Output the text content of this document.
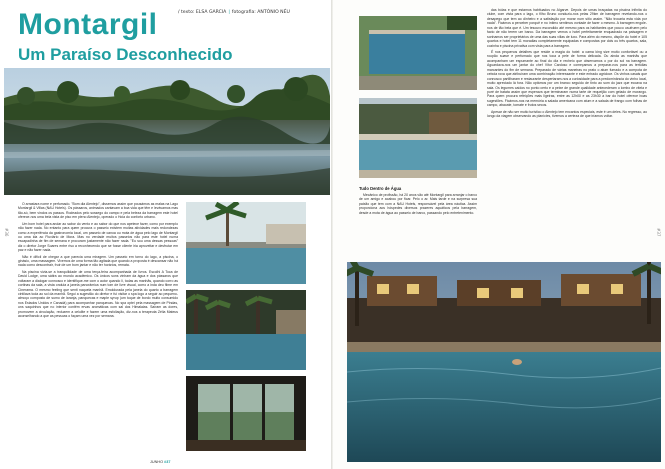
Montargil
Um Paraíso Desconhecido
/ texto: ELSA GARCIA | fotografia: ANTÓNIO NÉU

O arrastara nome e perfumado. "Bom dia Alentejo", dissemos assim que pousámos as malas na Lago Montargil & Villas (NAU Hotels). Os pássaros, animados cantavam a boa vida que têm e levávamos mas tão-só, bem vindos os passos. Rodeados pelo sossego do campo e pela beleza da barragem este hotel oferece-nos uma bela vista de piso em pleno Alentejo, operado o Hoia do conforto urbano.

Um bom hotel para andar ao sabor do vento e ao sabor do que nos apetece fazer, como por exemplo não fazer nada. No entanto para quem procura o passeio existem muitas atividades mais redondezas como a experiência da gastronomia local, um passeio de canoa ou mota de água pelo lago de Montargil ou uma ida ao Fluviário de Mora. Mas no verdade muitos passeios não para este hotel numa escapadinha de fim de semana e procuram justamente não fazer nada. "Eu sou uma dessas pessoas" diz o diretor Jorge Soares entre riso a reconhecendo que se fosse cliente iria aproveitar e desfrutar em paz e não fazer nada.

Não é difícil de chegar a que parecia uma miragem. Um passeio em torno do lago, a piscina, o ginásio, uma massagem. Vivemos de uma forma tão agitada que quando a proposta é descansar não há nada como descontrair, fruir de um bom jantar e não ter horários, remata.

Na piscina vivia-se a tranquilidade de uma terça-feira acompanhada de livros. Escolhi A Toca de David Lodge, uma sátira ao mundo académico. Os únicos sons vinham da água e dos pássaros que voltaram a dialogar connosco e identifique-me com o autor quando li, todas as manhãs, quando corro as cortinas da sala, a vista ondula a janela panorâmica num tom de livre visual, como a inda deu filme em Cinerama. O mesmo feeling que senti naquela manhã. Emoldurada pela janela do quarto a barragem cintilava toda ao sol da manhã. Segui a sugestão do diretor e fui visitar o spa logo a seguir ao pequeno-almoço composto de sumo de laranja, panquecas e maple syrup (um toque de bordo muito consumido nos Estados Unidos e Canadá) para acompanhar panquecas. No spa optei pela massagem de Pindas, uns saquinhos que no interior contêm ervas aromáticas com sal dos Himalaias. Saíram as dores, promovem a circulação, reduzem a celulite e fazem uma esfoliação, diz-nos a terapeuta Zélia Mateus aconselhando a que as pessoas o façam uma vez por semana.

JUNHO #37
#36
Tudo Dentro de Água

Mecânico de profissão, há 20 anos vão até Montargil para arranjar o barco de um amigo e acabou por ficar. Pelo o ar. Mais tarde e na surpresa sua paixão que tem com a NAU Hotels, responsável pela área náutica. Assim proporciona aos hóspedes diversos prazeres aquáticos pela barragem, desde a mota de água ao passeio de barco, passando pelo entretenimento.

das bóias e que estamos habituados no Algarve. Depois de umas braçadas na piscina infinita do clube, com vista para o lago, o filho Bruno conduziu-nos pelas 29km de barragem revelando-nos o desapego que tem ao dinheiro e a satisfação por morar num sítio assim. "Não trocaria esta vida por nada". Ficámos a perceber porquê e no íntimo sentimos vontade de fazer o mesmo. A barragem engole-nos de tão bela que é. Um tesouro escondido até mesmo para os habitantes que pouco usufruem pelo facto de não terem um barco. Da barragem vemos o hotel perfeitamente enquadrado na paisagem e sonhamos ser proprietários de uma das suas villas de luxo. Para além do mesmo, dispõe do hotel e 105 quartos e hotel tem 11 moradias completamente equipadas e compostas por dois ou três quartos, sala, cozinha e piscina privativa com vista para a barragem.

É nos pequenos detalhes que reside a magia do hotel: a cama king size muito confortável ou a roupão suave e perfumado que nos toca a pele de forma delicada. Ou ainda as manhãs que acompanham um espumante ao final do dia e recheio que observamos o por do sol na barragem. Aguardava-nos um jantar do chef Vítor Cardoso e começamos a preparar-nos para as tertúlias marcantes do fim de semana. Preparado de várias maneiras no prato o atum fumado e a compota de cebola roxa que atribuíram uma combinação interessante e este entrado agridoce. Os vinhos casais que connosco partilharam e restaurante despertaram-nos a curiosidade para a predominância do vinho local, muito apreciado lá fora. Não optámos por um branco seguido de tinto ao som do jazz que ecoava na sala. Os legumes caídos no ponto certo e a peixe de grande qualidade antecederam o lombo de vitela e puré de batata assim que esperava que terminaram numa tarte de requeijão com gelado de morango. Para quem procura refeições mais ligeiras, entre as 12h00 e as 23h30 a bar do hotel oferece boas sugestões. Ficámos-nos na memória a salada americana com atum e a salada de frango com folhas de campo, abacate, tomate e frutos secos.

Apesar de não ser muito turístico o Alentejo tem encantos especiais, este é um deles. No regresso, ao longo da viagem observando as planícies, tivemos a certeza de que iríamos voltar.

#37
